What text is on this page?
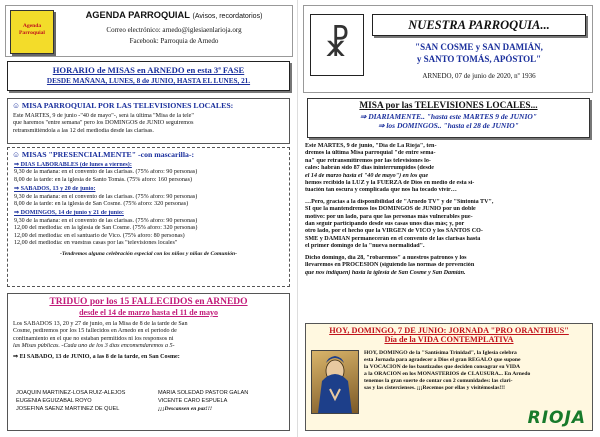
Agenda
Parroquial
AGENDA PARROQUIAL (Avisos, recordatorios)
Correo electrónico: arnedo@iglesiaenlarioja.org
Facebook: Parroquia de Arnedo
HORARIO de MISAS en ARNEDO en esta 3ª FASE
DESDE MAÑANA, LUNES, 8 de JUNIO, HASTA EL LUNES, 21.
☺ MISA PARROQUIAL POR LAS TELEVISIONES LOCALES:
Este MARTES, 9 de junio -"40 de mayo"-, será la última "Misa de la tele"
que haremos "entre semana" pero los DOMINGOS de JUNIO seguiremos
retransmitiéndola a las 12 del mediodía desde las clarisas.
☺ MISAS "PRESENCIALMENTE" -con mascarilla-:
⇒ DÍAS LABORABLES (de lunes a viernes):
9,30 de la mañana: en el convento de las clarisas. (75% aforo: 90 personas)
8,00 de la tarde: en la iglesia de Santo Tomás. (75% aforo: 160 personas)
⇒ SÁBADOS, 13 y 20 de junio:
9,30 de la mañana: en el convento de las clarisas. (75% aforo: 90 personas)
8,00 de la tarde: en la iglesia de San Cosme. (75% aforo: 320 personas)
⇒ DOMINGOS, 14 de junio y 21 de junio:
9,30 de la mañana: en el convento de las clarisas. (75% aforo: 90 personas)
12,00 del mediodía: en la iglesia de San Cosme. (75% aforo: 320 personas)
12,00 del mediodía: en el santuario de Vico. (75% aforo: 80 personas)
12,00 del mediodía: en vuestras casas por las "televisiones locales"
-Tendremos alguna celebración especial con los niños y niñas de Comunión-
TRIDUO por los 15 FALLECIDOS en ARNEDO
desde el 14 de marzo hasta el 11 de mayo
Los SÁBADOS 13, 20 y 27 de junio, en la Misa de 8 de la tarde de San
Cosme, pediremos por los 15 fallecidos en Arnedo en el periodo de
confinamiento en el que no estaban permitidos ni los responsos ni
las Misas públicas. -Cada uno de los 3 días encomendaremos a 5-
⇒ El SÁBADO, 13 de JUNIO, a las 8 de la tarde, en San Cosme:
JOAQUÍN MARTÍNEZ-LOSA RUIZ-ALEJOS
EUGENIA EGUIZÁBAL ROYO
JOSEFINA SÁENZ MARTÍNEZ DE QUEL
MARÍA SOLEDAD PASTOR GALÁN
VICENTE CARO ESPUELA
¡¡¡Descansen en paz!!!
☧	NUESTRA PARROQUIA...
"SAN COSME y SAN DAMIÁN,
y SANTO TOMÁS, APÓSTOL"
ARNEDO, 07 de junio de 2020, nº 1936
MISA por las TELEVISIONES LOCALES...
⇒ DIARIAMENTE.. "hasta este MARTES 9 de JUNIO"
⇒ los DOMINGOS.. "hasta el 28 de JUNIO"
Este MARTES, 9 de junio, "Día de La Rioja", ten-
dremos la última Misa parroquial "de entre sema-
na" que retransmitiremos por las televisiones lo-
cales: habrán sido 87 días ininterrumpidos (desde
el 14 de marzo hasta el "40 de mayo") en los que
hemos recibido la LUZ y la FUERZA de Dios en medio de esta si-
tuación tan oscura y complicada que nos ha tocado vivir…
…Pero, gracias a la disponibilidad de "Arnedo TV" y de "Sintonía TV",
SÍ que la mantendremos los DOMINGOS de JUNIO por un doble
motivo: por un lado, para que las personas más vulnerables pue-
dan seguir participando desde sus casas unos días más; y, por
otro lado, por el hecho que la VIRGEN de VICO y los SANTOS CO-
SME y DAMIÁN permanecerán en el convento de las clarisas hasta
el primer domingo de la "nueva normalidad".
Dicho domingo, día 28, "robaremos" a nuestros patronos y los
llevaremos en PROCESIÓN (siguiendo las normas de prevención
que nos indiquen) hasta la iglesia de San Cosme y San Damián.
HOY, DOMINGO, 7 DE JUNIO: JORNADA "PRO ORANTIBUS"
Día de la VIDA CONTEMPLATIVA
HOY, DOMINGO de la "Santísima Trinidad", la Iglesia celebra
esta Jornada para agradecer a Dios el gran REGALO que supone
la VOCACIÓN de los bautizados que deciden consagrar su VIDA
a la ORACIÓN en los MONASTERIOS de CLAUSURA... En Arnedo
tenemos la gran suerte de contar con 2 comunidades: las clari-
sas y las cistercienses. ¡¡¡Recemos por ellas y visitémoslas!!!
RIOJA
